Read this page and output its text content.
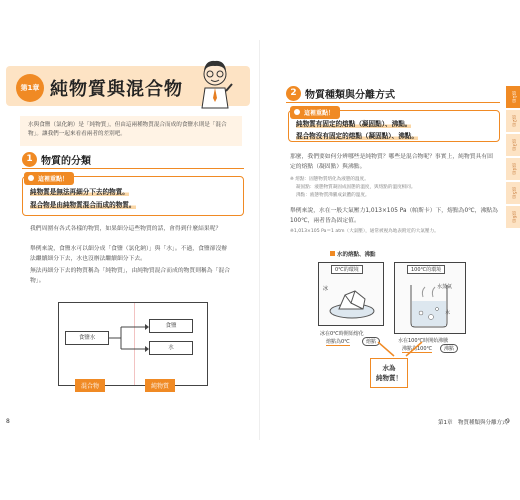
第1章 純物質與混合物
水與食鹽（氯化鈉）是「純物質」，但由這兩種物質混合而成的食鹽水則是「混合物」。讓我們一起來看看兩者的差別吧。
1 物質的分類
這裡重點！
純物質是無法再細分下去的物質。
混合物是由純物質混合而成的物質。
我們周圍有各式各樣的物質，如果細分這些物質的話，會得到什麼結果呢？
舉例來說，食鹽水可以細分成「食鹽（氯化鈉）」與「水」。不過，食鹽卻沒辦法繼續細分下去，水也沒辦法繼續細分下去。
無法再細分下去的物質稱為「純物質」，由純物質混合而成的物質則稱為「混合物」。
食鹽水
食鹽
水
混合物	純物質
8
2 物質種類與分離方式
這裡重點！
純物質有固定的熔點（凝固點）、沸點。
混合物沒有固定的熔點（凝固點）、沸點。
那麼，我們要如何分辨哪些是純物質？哪些是混合物呢？事實上，純物質具有固定的熔點（凝固點）與沸點。
※ 熔點：固態物質熔化為液態的溫度。
凝固點：液態物質凝固成固態的溫度，與熔點的溫度相同。
沸點：液態物質沸騰成氣體的溫度。
舉例來說，水在一般大氣壓力1,013×105 Pa（帕斯卡）下，熔點為0℃，沸點為100℃，兩者皆為固定值。
※1,013×105 Pa＝1 atm（大氣壓），通常被視為地表附近的大氣壓力。
水的熔點、沸點
0℃的環境
冰
冰在0℃時開始熔化
熔點為0℃	熔點
100℃的環境
水蒸氣
水
水在100℃時開始沸騰
沸點為100℃	沸點
水為
純物質！
第1章　物質種類與分離方式
9
第1章
第2章
第3章
第4章
第5章
第6章
